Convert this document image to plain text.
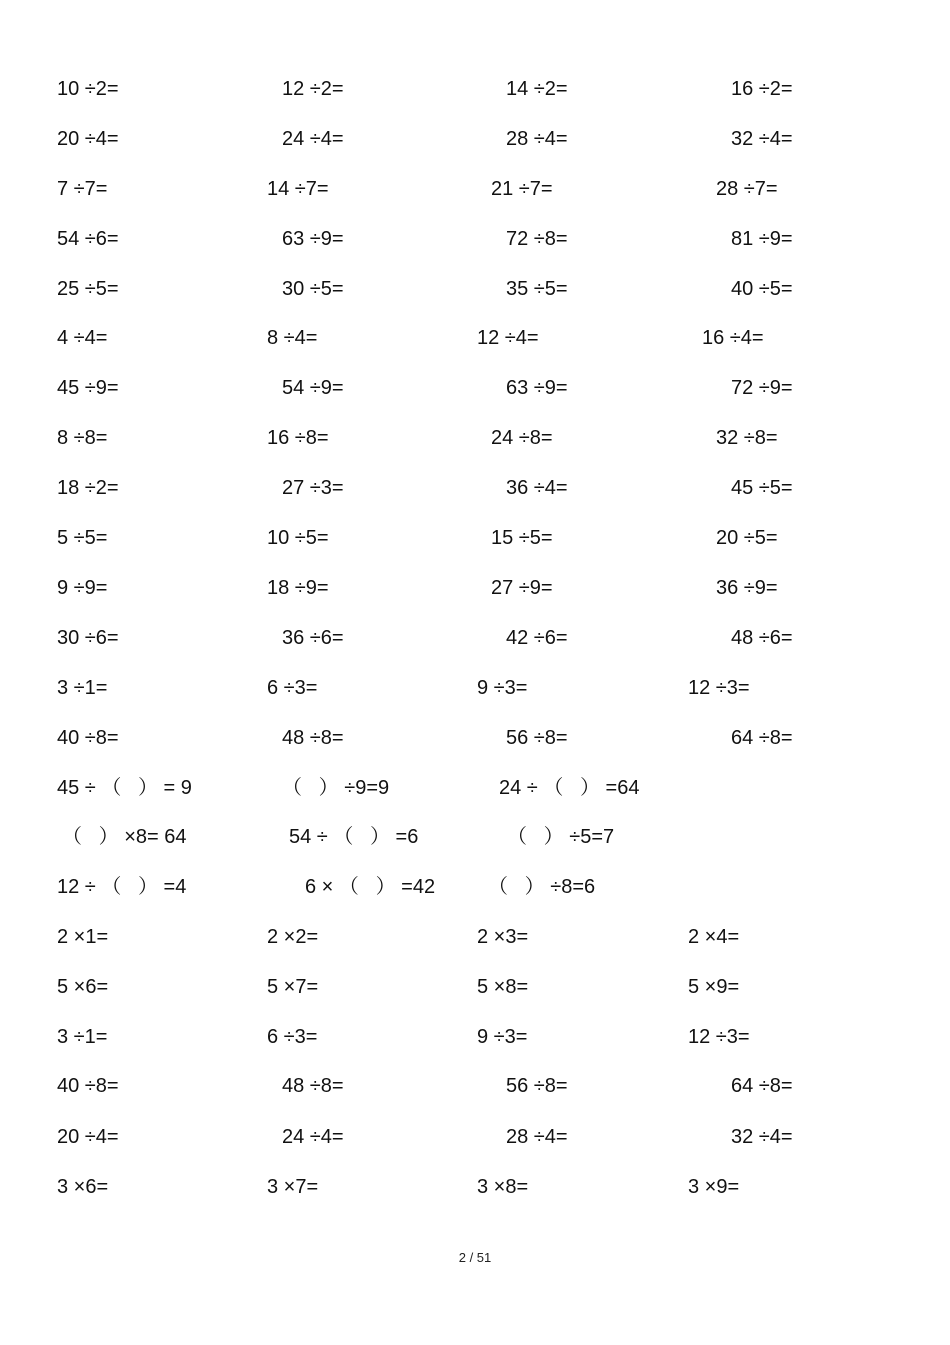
10 ÷2=	12 ÷2=	14 ÷2=	16 ÷2=
20 ÷4=	24 ÷4=	28 ÷4=	32 ÷4=
7 ÷7=	14 ÷7=	21 ÷7=	28 ÷7=
54 ÷6=	63 ÷9=	72 ÷8=	81 ÷9=
25 ÷5=	30 ÷5=	35 ÷5=	40 ÷5=
4 ÷4=	8 ÷4=	12 ÷4=	16 ÷4=
45 ÷9=	54 ÷9=	63 ÷9=	72 ÷9=
8 ÷8=	16 ÷8=	24 ÷8=	32 ÷8=
18 ÷2=	27 ÷3=	36 ÷4=	45 ÷5=
5 ÷5=	10 ÷5=	15 ÷5=	20 ÷5=
9 ÷9=	18 ÷9=	27 ÷9=	36 ÷9=
30 ÷6=	36 ÷6=	42 ÷6=	48 ÷6=
3 ÷1=	6 ÷3=	9 ÷3=	12 ÷3=
40 ÷8=	48 ÷8=	56 ÷8=	64 ÷8=
45 ÷ （   ） = 9	（   ） ÷9=9	24 ÷ （   ） =64
（   ） ×8= 64	54 ÷ （   ） =6	（   ） ÷5=7
12 ÷ （   ） =4	6 × （   ） =42	（   ） ÷8=6
2 ×1=	2 ×2=	2 ×3=	2 ×4=
5 ×6=	5 ×7=	5 ×8=	5 ×9=
3 ÷1=	6 ÷3=	9 ÷3=	12 ÷3=
40 ÷8=	48 ÷8=	56 ÷8=	64 ÷8=
20 ÷4=	24 ÷4=	28 ÷4=	32 ÷4=
3 ×6=	3 ×7=	3 ×8=	3 ×9=
2 / 51
